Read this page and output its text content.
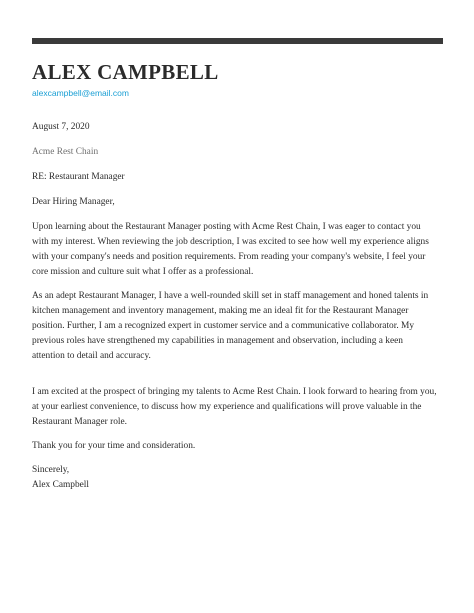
ALEX CAMPBELL
alexcampbell@email.com

August 7, 2020

Acme Rest Chain

RE: Restaurant Manager

Dear Hiring Manager,

Upon learning about the Restaurant Manager posting with Acme Rest Chain, I was eager to contact you
with my interest. When reviewing the job description, I was excited to see how well my experience aligns
with your company's needs and position requirements. From reading your company's website, I feel your
core mission and culture suit what I offer as a professional.
As an adept Restaurant Manager, I have a well-rounded skill set in staff management and honed talents in
kitchen management and inventory management, making me an ideal fit for the Restaurant Manager
position. Further, I am a recognized expert in customer service and a communicative collaborator. My
previous roles have strengthened my capabilities in management and observation, including a keen
attention to detail and accuracy.
I am excited at the prospect of bringing my talents to Acme Rest Chain. I look forward to hearing from you,
at your earliest convenience, to discuss how my experience and qualifications will prove valuable in the
Restaurant Manager role.

Thank you for your time and consideration.

Sincerely,

Alex Campbell
